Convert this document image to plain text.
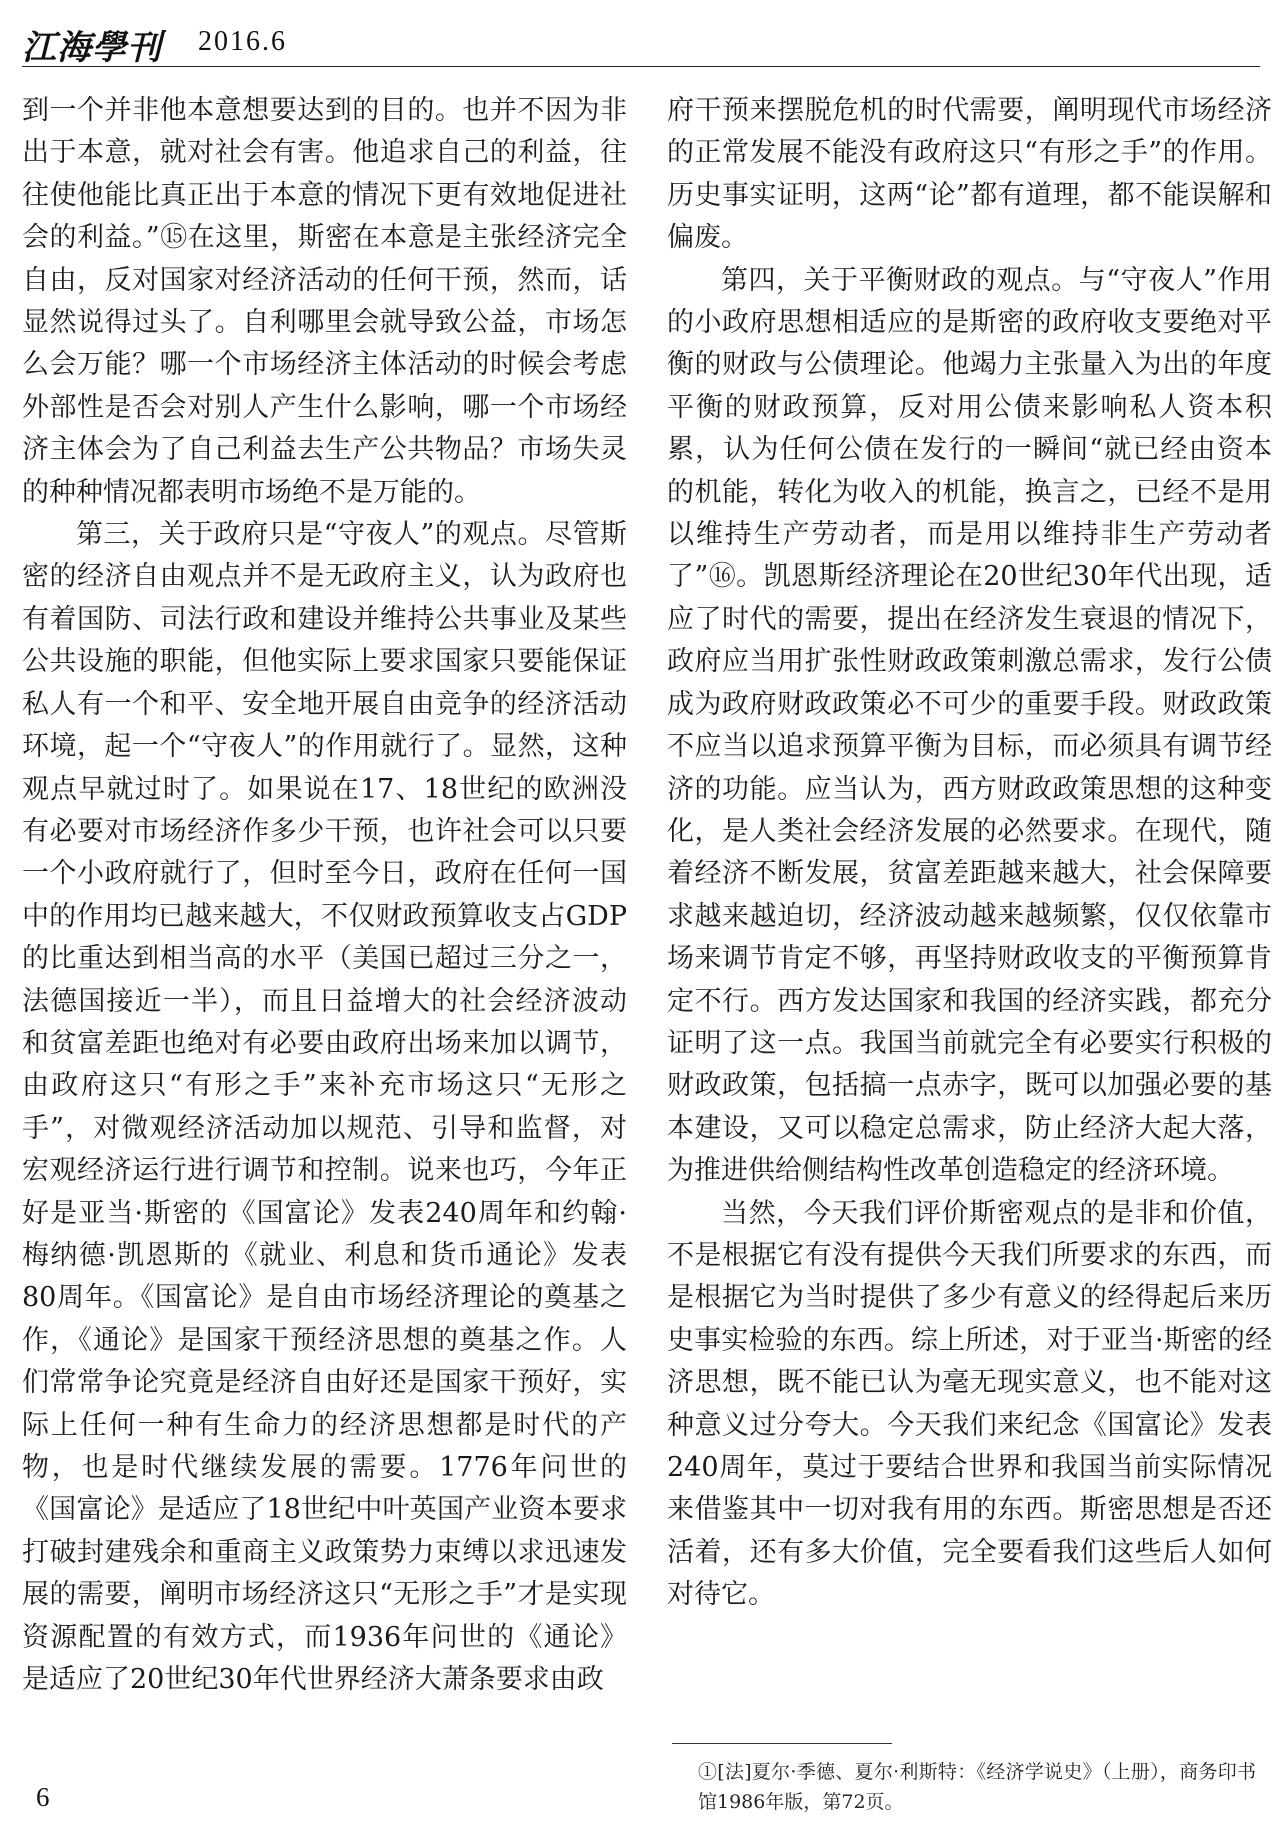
江海學刊 2016.6

到一个并非他本意想要达到的目的。也并不因为非出于本意，就对社会有害。他追求自己的利益，往往使他能比真正出于本意的情况下更有效地促进社会的利益。”⑮在这里，斯密在本意是主张经济完全自由，反对国家对经济活动的任何干预，然而，话显然说得过头了。自利哪里会就导致公益，市场怎么会万能？哪一个市场经济主体活动的时候会考虑外部性是否会对别人产生什么影响，哪一个市场经济主体会为了自己利益去生产公共物品？市场失灵的种种情况都表明市场绝不是万能的。

第三，关于政府只是“守夜人”的观点。尽管斯密的经济自由观点并不是无政府主义，认为政府也有着国防、司法行政和建设并维持公共事业及某些公共设施的职能，但他实际上要求国家只要能保证私人有一个和平、安全地开展自由竞争的经济活动环境，起一个“守夜人”的作用就行了。显然，这种观点早就过时了。如果说在17、18世纪的欧洲没有必要对市场经济作多少干预，也许社会可以只要一个小政府就行了，但时至今日，政府在任何一国中的作用均已越来越大，不仅财政预算收支占GDP的比重达到相当高的水平（美国已超过三分之一，法德国接近一半），而且日益增大的社会经济波动和贫富差距也绝对有必要由政府出场来加以调节，由政府这只“有形之手”来补充市场这只“无形之手”，对微观经济活动加以规范、引导和监督，对宏观经济运行进行调节和控制。说来也巧，今年正好是亚当·斯密的《国富论》发表240周年和约翰·梅纳德·凯恩斯的《就业、利息和货币通论》发表80周年。《国富论》是自由市场经济理论的奠基之作，《通论》是国家干预经济思想的奠基之作。人们常常争论究竟是经济自由好还是国家干预好，实际上任何一种有生命力的经济思想都是时代的产物，也是时代继续发展的需要。1776年问世的《国富论》是适应了18世纪中叶英国产业资本要求打破封建残余和重商主义政策势力束缚以求迅速发展的需要，阐明市场经济这只“无形之手”才是实现资源配置的有效方式，而1936年问世的《通论》是适应了20世纪30年代世界经济大萧条要求由政

府干预来摆脱危机的时代需要，阐明现代市场经济的正常发展不能没有政府这只“有形之手”的作用。历史事实证明，这两“论”都有道理，都不能误解和偏废。

第四，关于平衡财政的观点。与“守夜人”作用的小政府思想相适应的是斯密的政府收支要绝对平衡的财政与公债理论。他竭力主张量入为出的年度平衡的财政预算，反对用公债来影响私人资本积累，认为任何公债在发行的一瞬间“就已经由资本的机能，转化为收入的机能，换言之，已经不是用以维持生产劳动者，而是用以维持非生产劳动者了”⑯。凯恩斯经济理论在20世纪30年代出现，适应了时代的需要，提出在经济发生衰退的情况下，政府应当用扩张性财政政策刺激总需求，发行公债成为政府财政政策必不可少的重要手段。财政政策不应当以追求预算平衡为目标，而必须具有调节经济的功能。应当认为，西方财政政策思想的这种变化，是人类社会经济发展的必然要求。在现代，随着经济不断发展，贫富差距越来越大，社会保障要求越来越迫切，经济波动越来越频繁，仅仅依靠市场来调节肯定不够，再坚持财政收支的平衡预算肯定不行。西方发达国家和我国的经济实践，都充分证明了这一点。我国当前就完全有必要实行积极的财政政策，包括搞一点赤字，既可以加强必要的基本建设，又可以稳定总需求，防止经济大起大落，为推进供给侧结构性改革创造稳定的经济环境。

当然，今天我们评价斯密观点的是非和价值，不是根据它有没有提供今天我们所要求的东西，而是根据它为当时提供了多少有意义的经得起后来历史事实检验的东西。综上所述，对于亚当·斯密的经济思想，既不能已认为毫无现实意义，也不能对这种意义过分夸大。今天我们来纪念《国富论》发表240周年，莫过于要结合世界和我国当前实际情况来借鉴其中一切对我有用的东西。斯密思想是否还活着，还有多大价值，完全要看我们这些后人如何对待它。

①[法]夏尔·季德、夏尔·利斯特：《经济学说史》（上册），商务印书馆1986年版，第72页。
6
